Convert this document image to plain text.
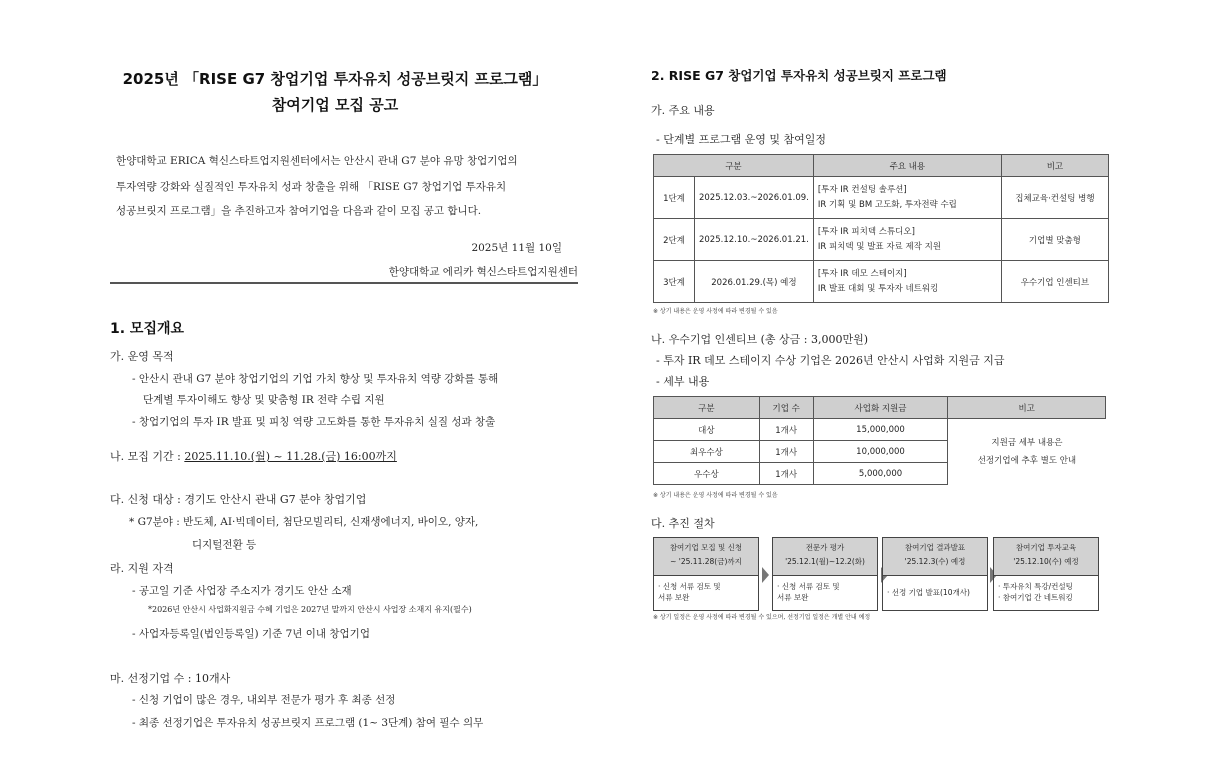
2025년 「RISE G7 창업기업 투자유치 성공브릿지 프로그램」
참여기업 모집 공고
한양대학교 ERICA 혁신스타트업지원센터에서는 안산시 관내 G7 분야 유망 창업기업의
투자역량 강화와 실질적인 투자유치 성과 창출을 위해 「RISE G7 창업기업 투자유치
성공브릿지 프로그램」을 추진하고자 참여기업을 다음과 같이 모집 공고 합니다.
2025년 11월 10일
한양대학교 에리카 혁신스타트업지원센터
1. 모집개요
가. 운영 목적
- 안산시 관내 G7 분야 창업기업의 기업 가치 향상 및 투자유치 역량 강화를 통해
단계별 투자이해도 향상 및 맞춤형 IR 전략 수립 지원
- 창업기업의 투자 IR 발표 및 피칭 역량 고도화를 통한 투자유치 실질 성과 창출
나. 모집 기간 : 2025.11.10.(월) ~ 11.28.(금) 16:00까지
다. 신청 대상 : 경기도 안산시 관내 G7 분야 창업기업
* G7분야 : 반도체, AI·빅데이터, 첨단모빌리티, 신재생에너지, 바이오, 양자,
디지털전환 등
라. 지원 자격
- 공고일 기준 사업장 주소지가 경기도 안산 소재
*2026년 안산시 사업화지원금 수혜 기업은 2027년 말까지 안산시 사업장 소재지 유지(필수)
- 사업자등록일(법인등록일) 기준 7년 이내 창업기업
마. 선정기업 수 : 10개사
- 신청 기업이 많은 경우, 내외부 전문가 평가 후 최종 선정
- 최종 선정기업은 투자유치 성공브릿지 프로그램 (1~ 3단계) 참여 필수 의무
2. RISE G7 창업기업 투자유치 성공브릿지 프로그램
가. 주요 내용
- 단계별 프로그램 운영 및 참여일정
구분		주요 내용	비고
1단계	2025.12.03.~2026.01.09.	[투자 IR 컨설팅 솔루션]
IR 기획 및 BM 고도화, 투자전략 수립	집체교육·컨설팅 병행
2단계	2025.12.10.~2026.01.21.	[투자 IR 피치덱 스튜디오]
IR 피치덱 및 발표 자료 제작 지원	기업별 맞춤형
3단계	2026.01.29.(목) 예정	[투자 IR 데모 스테이지]
IR 발표 대회 및 투자자 네트워킹	우수기업 인센티브
※ 상기 내용은 운영 사정에 따라 변경될 수 있음
나. 우수기업 인센티브 (총 상금 : 3,000만원)
- 투자 IR 데모 스테이지 수상 기업은 2026년 안산시 사업화 지원금 지급
- 세부 내용
구분	기업 수	사업화 지원금	비고
대상	1개사	15,000,000	지원금 세부 내용은
선정기업에 추후 별도 안내

최우수상	1개사	10,000,000	
우수상	1개사	5,000,000	
※ 상기 내용은 운영 사정에 따라 변경될 수 있음
다. 추진 절차
참여기업 모집 및 신청
~ '25.11.28(금)까지
· 신청 서류 검토 및
서류 보완
전문가 평가
'25.12.1(월)~12.2(화)
· 신청 서류 검토 및
서류 보완
참여기업 결과발표
'25.12.3(수) 예정
· 선정 기업 발표(10개사)
참여기업 투자교육
'25.12.10(수) 예정
· 투자유치 특강/컨설팅
· 참여기업 간 네트워킹
※ 상기 일정은 운영 사정에 따라 변경될 수 있으며, 선정기업 일정은 개별 안내 예정
